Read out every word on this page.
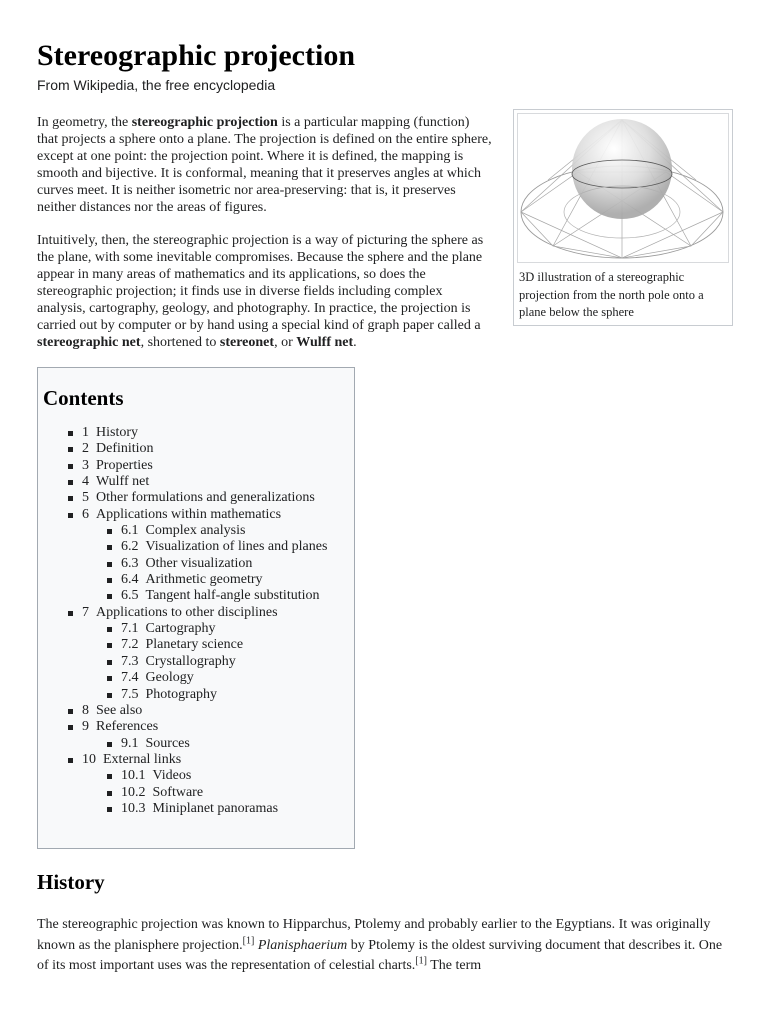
Stereographic projection
From Wikipedia, the free encyclopedia
3D illustration of a stereographic projection from the north pole onto a plane below the sphere

In geometry, the stereographic projection is a particular mapping (function) that projects a sphere onto a plane. The projection is defined on the entire sphere, except at one point: the projection point. Where it is defined, the mapping is smooth and bijective. It is conformal, meaning that it preserves angles at which curves meet. It is neither isometric nor area-preserving: that is, it preserves neither distances nor the areas of figures.

Intuitively, then, the stereographic projection is a way of picturing the sphere as the plane, with some inevitable compromises. Because the sphere and the plane appear in many areas of mathematics and its applications, so does the stereographic projection; it finds use in diverse fields including complex analysis, cartography, geology, and photography. In practice, the projection is carried out by computer or by hand using a special kind of graph paper called a stereographic net, shortened to stereonet, or Wulff net.

Contents
1 History
2 Definition
3 Properties
4 Wulff net
5 Other formulations and generalizations
6 Applications within mathematics
6.1 Complex analysis
6.2 Visualization of lines and planes
6.3 Other visualization
6.4 Arithmetic geometry
6.5 Tangent half-angle substitution
7 Applications to other disciplines
7.1 Cartography
7.2 Planetary science
7.3 Crystallography
7.4 Geology
7.5 Photography
8 See also
9 References
9.1 Sources
10 External links
10.1 Videos
10.2 Software
10.3 Miniplanet panoramas
History

The stereographic projection was known to Hipparchus, Ptolemy and probably earlier to the Egyptians. It was originally known as the planisphere projection.[1] Planisphaerium by Ptolemy is the oldest surviving document that describes it. One of its most important uses was the representation of celestial charts.[1] The term
